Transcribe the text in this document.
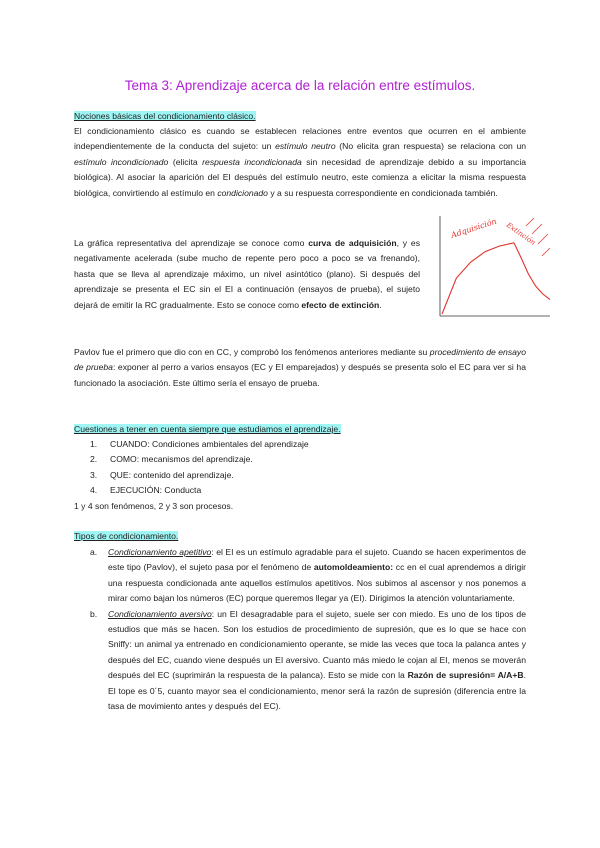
Tema 3: Aprendizaje acerca de la relación entre estímulos.
Nociones básicas del condicionamiento clásico.
El condicionamiento clásico es cuando se establecen relaciones entre eventos que ocurren en el ambiente independientemente de la conducta del sujeto: un estímulo neutro (No elicita gran respuesta) se relaciona con un estímulo incondicionado (elicita respuesta incondicionada sin necesidad de aprendizaje debido a su importancia biológica). Al asociar la aparición del EI después del estímulo neutro, este comienza a elicitar la misma respuesta biológica, convirtiendo al estímulo en condicionado y a su respuesta correspondiente en condicionada también.
La gráfica representativa del aprendizaje se conoce como curva de adquisición, y es negativamente acelerada (sube mucho de repente pero poco a poco se va frenando), hasta que se lleva al aprendizaje máximo, un nivel asintótico (plano). Si después del aprendizaje se presenta el EC sin el EI a continuación (ensayos de prueba), el sujeto dejará de emitir la RC gradualmente. Esto se conoce como efecto de extinción.
Adquisición Extinción
Pavlov fue el primero que dio con en CC, y comprobó los fenómenos anteriores mediante su procedimiento de ensayo de prueba: exponer al perro a varios ensayos (EC y EI emparejados) y después se presenta solo el EC para ver si ha funcionado la asociación. Este último sería el ensayo de prueba.
Cuestiones a tener en cuenta siempre que estudiamos el aprendizaje.
1. CUANDO: Condiciones ambientales del aprendizaje
2. COMO: mecanismos del aprendizaje.
3. QUE: contenido del aprendizaje.
4. EJECUCIÓN: Conducta
1 y 4 son fenómenos, 2 y 3 son procesos.
Tipos de condicionamiento.
a. Condicionamiento apetitivo: el EI es un estímulo agradable para el sujeto. Cuando se hacen experimentos de este tipo (Pavlov), el sujeto pasa por el fenómeno de automoldeamiento: cc en el cual aprendemos a dirigir una respuesta condicionada ante aquellos estímulos apetitivos. Nos subimos al ascensor y nos ponemos a mirar como bajan los números (EC) porque queremos llegar ya (EI). Dirigimos la atención voluntariamente.
b. Condicionamiento aversivo: un EI desagradable para el sujeto, suele ser con miedo. Es uno de los tipos de estudios que más se hacen. Son los estudios de procedimiento de supresión, que es lo que se hace con Sniffy: un animal ya entrenado en condicionamiento operante, se mide las veces que toca la palanca antes y después del EC, cuando viene después un EI aversivo. Cuanto más miedo le cojan al EI, menos se moverán después del EC (suprimirán la respuesta de la palanca). Esto se mide con la Razón de supresión= A/A+B. El tope es 0´5, cuanto mayor sea el condicionamiento, menor será la razón de supresión (diferencia entre la tasa de movimiento antes y después del EC).
